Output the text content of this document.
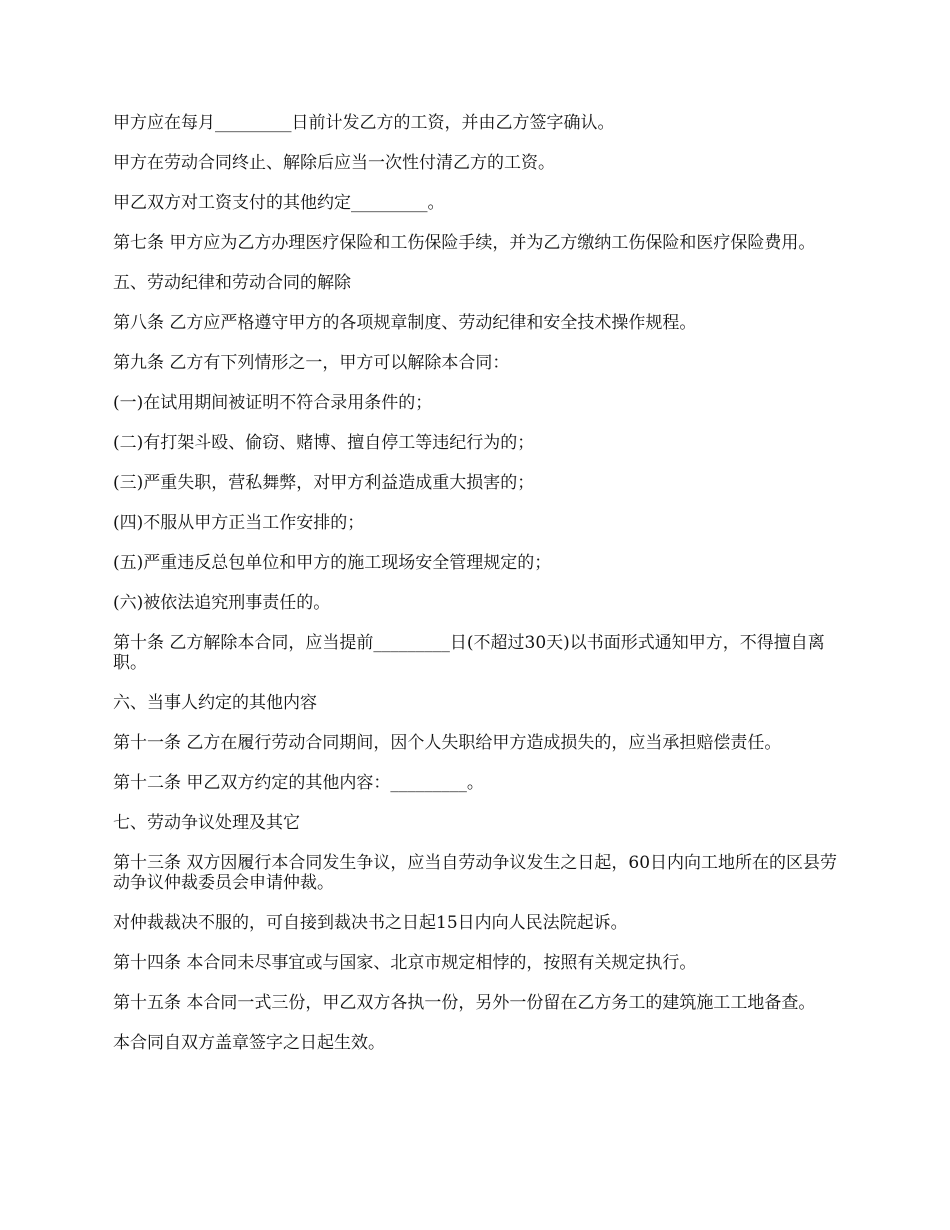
甲方应在每月_________日前计发乙方的工资，并由乙方签字确认。

甲方在劳动合同终止、解除后应当一次性付清乙方的工资。

甲乙双方对工资支付的其他约定_________。

第七条 甲方应为乙方办理医疗保险和工伤保险手续，并为乙方缴纳工伤保险和医疗保险费用。

五、劳动纪律和劳动合同的解除

第八条 乙方应严格遵守甲方的各项规章制度、劳动纪律和安全技术操作规程。

第九条 乙方有下列情形之一，甲方可以解除本合同：

(一)在试用期间被证明不符合录用条件的；

(二)有打架斗殴、偷窃、赌博、擅自停工等违纪行为的；

(三)严重失职，营私舞弊，对甲方利益造成重大损害的；

(四)不服从甲方正当工作安排的；

(五)严重违反总包单位和甲方的施工现场安全管理规定的；

(六)被依法追究刑事责任的。

第十条 乙方解除本合同，应当提前_________日(不超过30天)以书面形式通知甲方，不得擅自离职。

六、当事人约定的其他内容

第十一条 乙方在履行劳动合同期间，因个人失职给甲方造成损失的，应当承担赔偿责任。

第十二条 甲乙双方约定的其他内容：_________。

七、劳动争议处理及其它

第十三条 双方因履行本合同发生争议，应当自劳动争议发生之日起，60日内向工地所在的区县劳动争议仲裁委员会申请仲裁。

对仲裁裁决不服的，可自接到裁决书之日起15日内向人民法院起诉。

第十四条 本合同未尽事宜或与国家、北京市规定相悖的，按照有关规定执行。

第十五条 本合同一式三份，甲乙双方各执一份，另外一份留在乙方务工的建筑施工工地备查。

本合同自双方盖章签字之日起生效。
